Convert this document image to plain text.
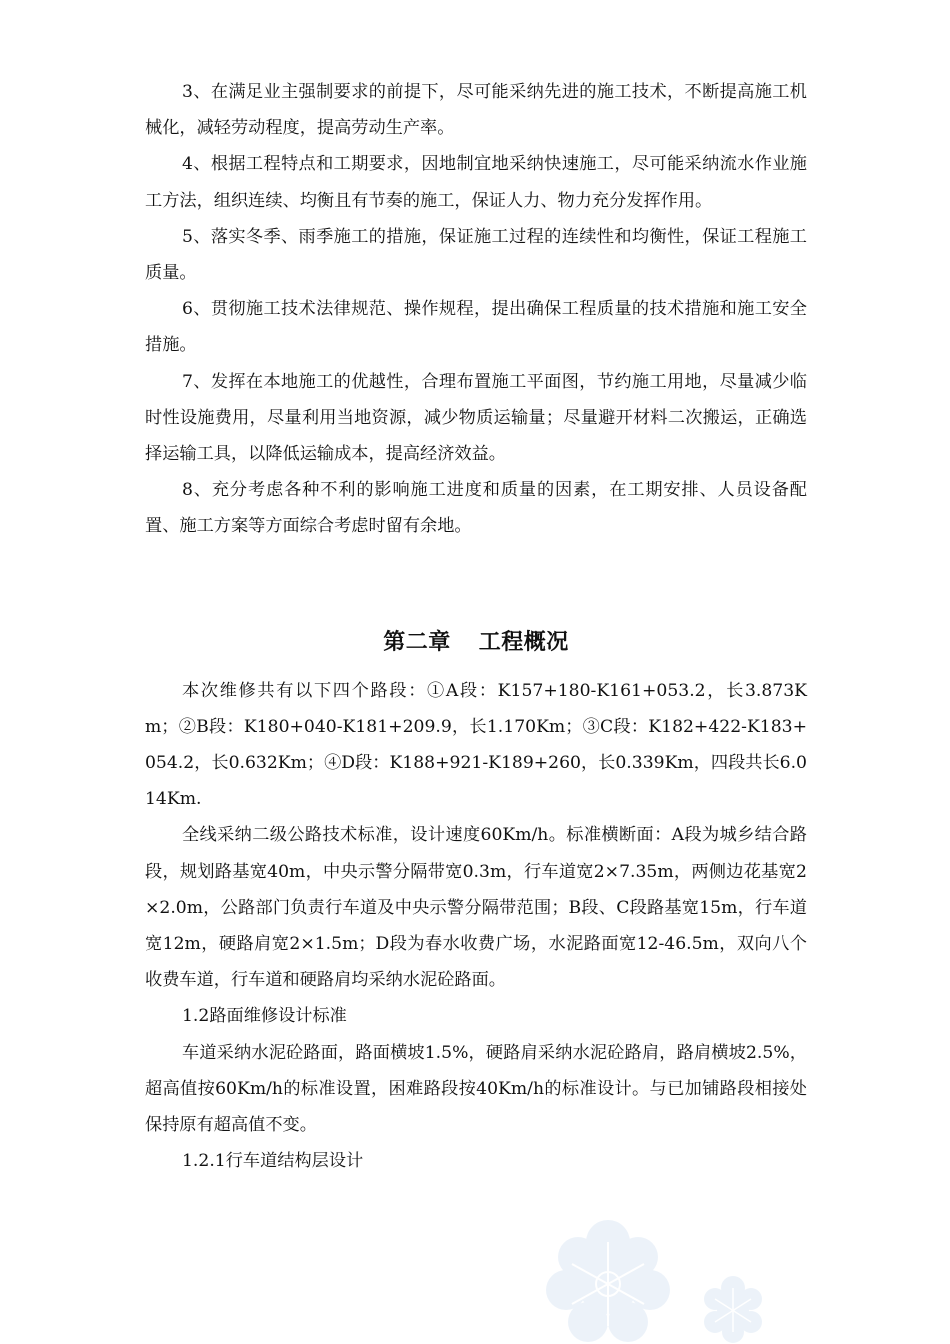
3、在满足业主强制要求的前提下，尽可能采纳先进的施工技术，不断提高施工机械化，减轻劳动程度，提高劳动生产率。

4、根据工程特点和工期要求，因地制宜地采纳快速施工，尽可能采纳流水作业施工方法，组织连续、均衡且有节奏的施工，保证人力、物力充分发挥作用。

5、落实冬季、雨季施工的措施，保证施工过程的连续性和均衡性，保证工程施工质量。

6、贯彻施工技术法律规范、操作规程，提出确保工程质量的技术措施和施工安全措施。

7、发挥在本地施工的优越性，合理布置施工平面图，节约施工用地，尽量减少临时性设施费用，尽量利用当地资源，减少物质运输量；尽量避开材料二次搬运，正确选择运输工具，以降低运输成本，提高经济效益。

8、充分考虑各种不利的影响施工进度和质量的因素，在工期安排、人员设备配置、施工方案等方面综合考虑时留有余地。

第二章 工程概况

本次维修共有以下四个路段：①A段：K157+180-K161+053.2，长3.873Km；②B段：K180+040-K181+209.9，长1.170Km；③C段：K182+422-K183+054.2，长0.632Km；④D段：K188+921-K189+260，长0.339Km，四段共长6.014Km.

全线采纳二级公路技术标准，设计速度60Km/h。标准横断面：A段为城乡结合路段，规划路基宽40m，中央示警分隔带宽0.3m，行车道宽2×7.35m，两侧边花基宽2×2.0m，公路部门负责行车道及中央示警分隔带范围；B段、C段路基宽15m，行车道宽12m，硬路肩宽2×1.5m；D段为春水收费广场，水泥路面宽12-46.5m，双向八个收费车道，行车道和硬路肩均采纳水泥砼路面。

1.2路面维修设计标准

车道采纳水泥砼路面，路面横坡1.5%，硬路肩采纳水泥砼路肩，路肩横坡2.5%，超高值按60Km/h的标准设置，困难路段按40Km/h的标准设计。与已加铺路段相接处保持原有超高值不变。

1.2.1行车道结构层设计
